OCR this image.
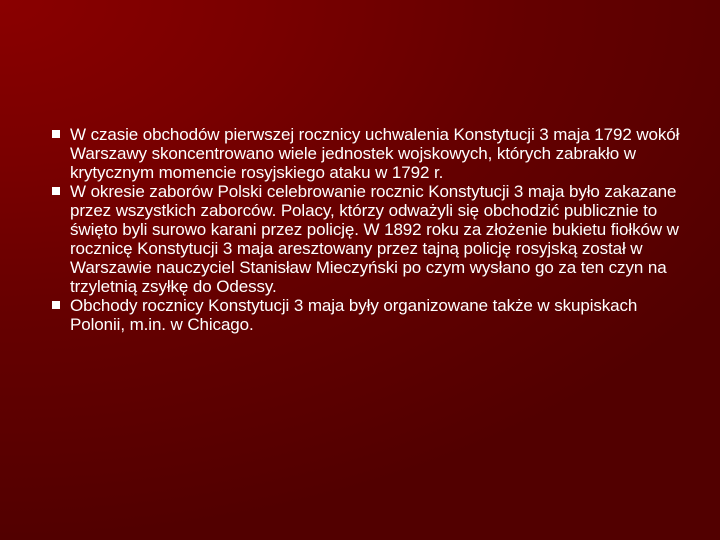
W czasie obchodów pierwszej rocznicy uchwalenia Konstytucji 3 maja 1792 wokół Warszawy skoncentrowano wiele jednostek wojskowych, których zabrakło w krytycznym momencie rosyjskiego ataku w 1792 r.
W okresie zaborów Polski celebrowanie rocznic Konstytucji 3 maja było zakazane przez wszystkich zaborców. Polacy, którzy odważyli się obchodzić publicznie to święto byli surowo karani przez policję. W 1892 roku za złożenie bukietu fiołków w rocznicę Konstytucji 3 maja aresztowany przez tajną policję rosyjską został w Warszawie nauczyciel Stanisław Mieczyński po czym wysłano go za ten czyn na trzyletnią zsyłkę do Odessy.
Obchody rocznicy Konstytucji 3 maja były organizowane także w skupiskach Polonii, m.in. w Chicago.
